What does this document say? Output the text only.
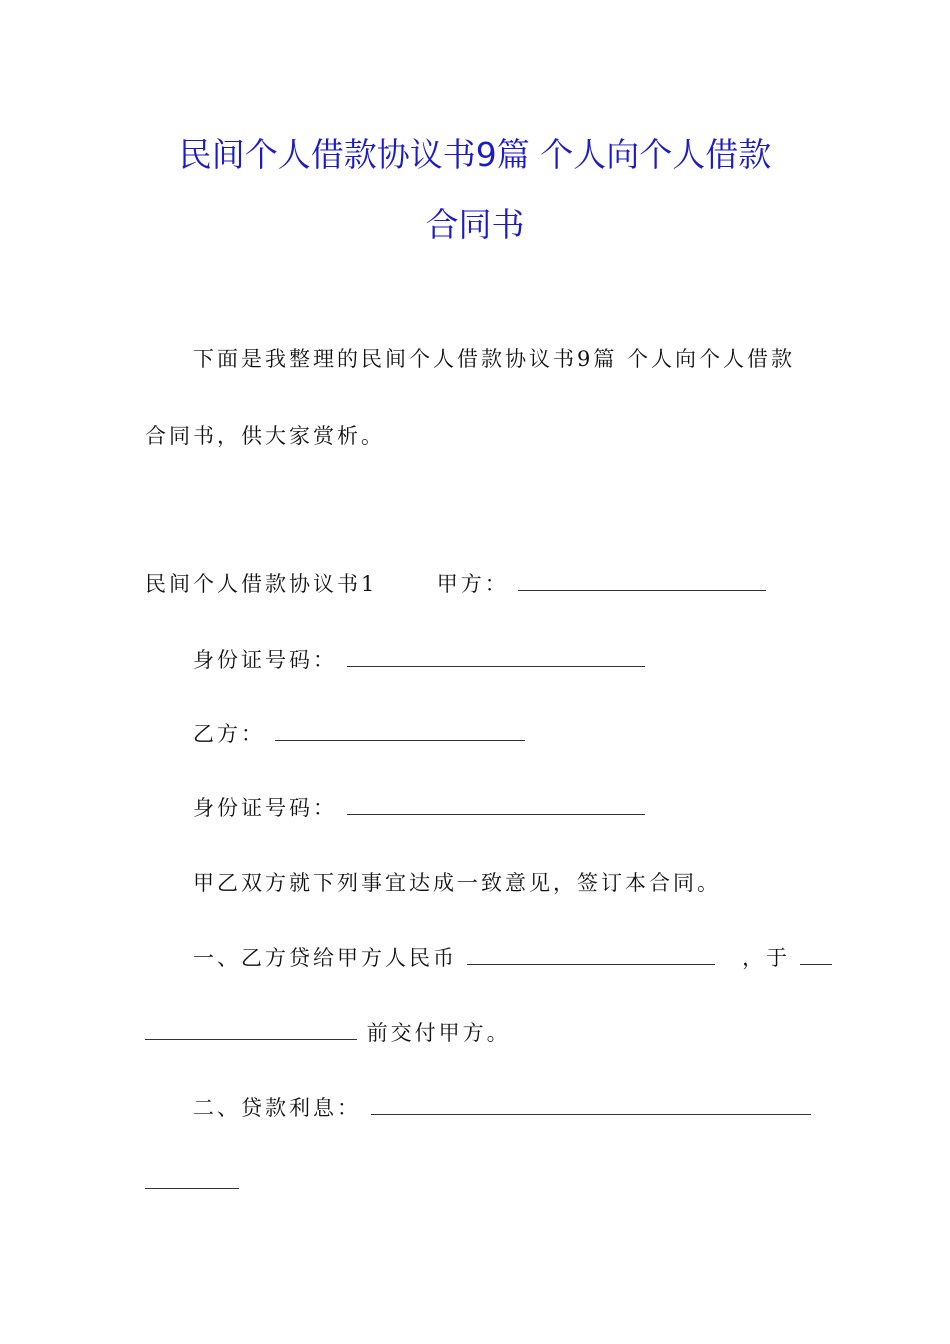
民间个人借款协议书9篇 个人向个人借款
合同书
下面是我整理的民间个人借款协议书9篇 个人向个人借款
合同书，供大家赏析。
民间个人借款协议书1	甲方：
身份证号码：
乙方：
身份证号码：
甲乙双方就下列事宜达成一致意见，签订本合同。
一、乙方贷给甲方人民币	，于
前交付甲方。
二、贷款利息：
